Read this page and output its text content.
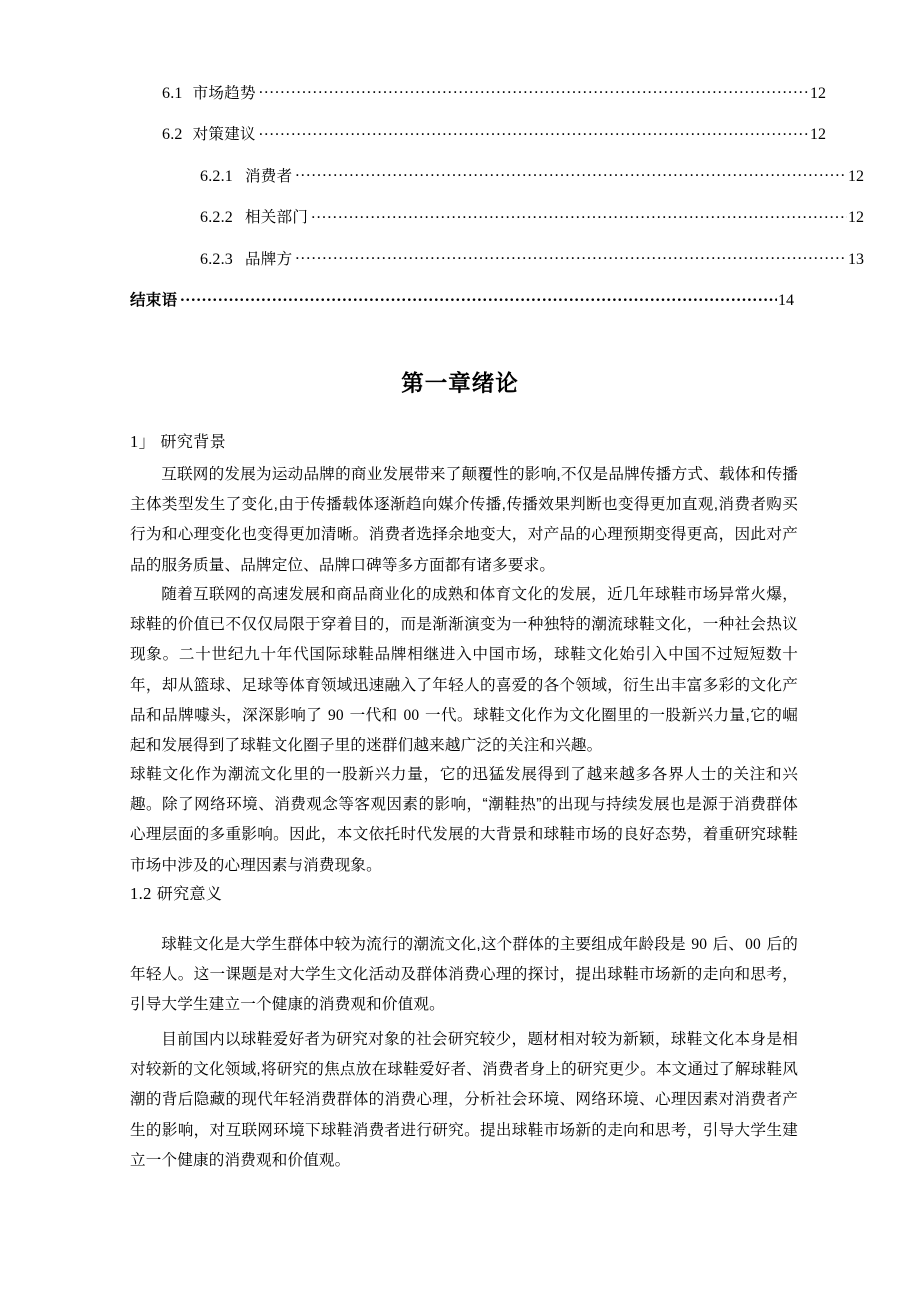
6.1 市场趋势 .....	12
6.2 对策建议 .....	12
6.2.1 消费者 .....	12
6.2.2 相关部门 .....	12
6.2.3 品牌方 .....	13
结束语 .....	14
第一章绪论
1」 研究背景
互联网的发展为运动品牌的商业发展带来了颠覆性的影响,不仅是品牌传播方式、载体和传播主体类型发生了变化,由于传播载体逐渐趋向媒介传播,传播效果判断也变得更加直观,消费者购买行为和心理变化也变得更加清晰。消费者选择余地变大，对产品的心理预期变得更高，因此对产品的服务质量、品牌定位、品牌口碑等多方面都有诸多要求。
随着互联网的高速发展和商品商业化的成熟和体育文化的发展，近几年球鞋市场异常火爆，球鞋的价值已不仅仅局限于穿着目的，而是渐渐演变为一种独特的潮流球鞋文化，一种社会热议现象。二十世纪九十年代国际球鞋品牌相继进入中国市场，球鞋文化始引入中国不过短短数十年，却从篮球、足球等体育领域迅速融入了年轻人的喜爱的各个领域，衍生出丰富多彩的文化产品和品牌噱头，深深影响了 90 一代和 00 一代。球鞋文化作为文化圈里的一股新兴力量,它的崛起和发展得到了球鞋文化圈子里的迷群们越来越广泛的关注和兴趣。
球鞋文化作为潮流文化里的一股新兴力量，它的迅猛发展得到了越来越多各界人士的关注和兴趣。除了网络环境、消费观念等客观因素的影响，“潮鞋热”的出现与持续发展也是源于消费群体心理层面的多重影响。因此，本文依托时代发展的大背景和球鞋市场的良好态势，着重研究球鞋市场中涉及的心理因素与消费现象。
1.2 研究意义
球鞋文化是大学生群体中较为流行的潮流文化,这个群体的主要组成年龄段是 90 后、00 后的年轻人。这一课题是对大学生文化活动及群体消费心理的探讨，提出球鞋市场新的走向和思考，引导大学生建立一个健康的消费观和价值观。
目前国内以球鞋爱好者为研究对象的社会研究较少，题材相对较为新颖，球鞋文化本身是相对较新的文化领域,将研究的焦点放在球鞋爱好者、消费者身上的研究更少。本文通过了解球鞋风潮的背后隐藏的现代年轻消费群体的消费心理，分析社会环境、网络环境、心理因素对消费者产生的影响，对互联网环境下球鞋消费者进行研究。提出球鞋市场新的走向和思考，引导大学生建立一个健康的消费观和价值观。
